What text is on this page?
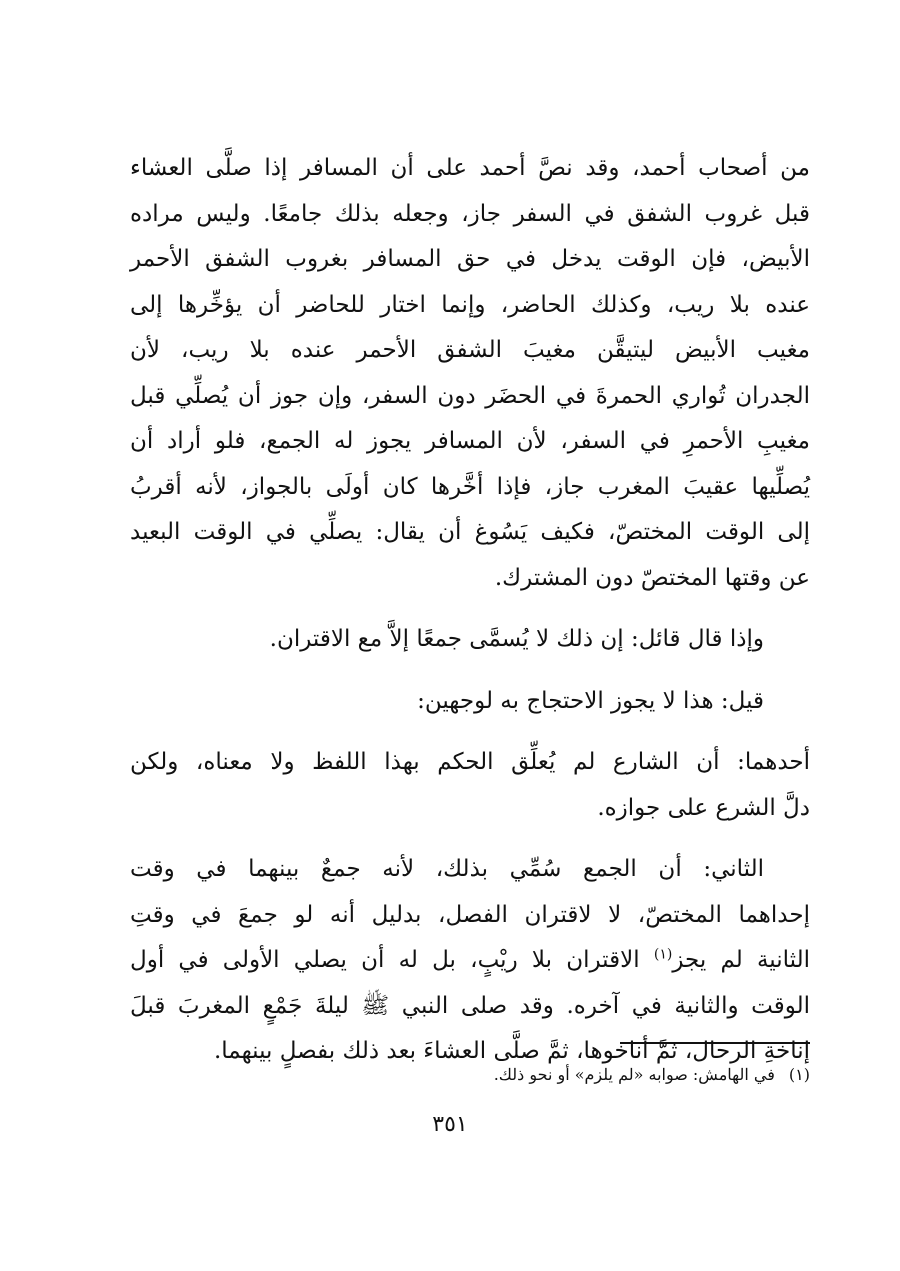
من أصحاب أحمد، وقد نصَّ أحمد على أن المسافر إذا صلَّى العشاء
قبل غروب الشفق في السفر جاز، وجعله بذلك جامعًا. وليس مراده
الأبيض، فإن الوقت يدخل في حق المسافر بغروب الشفق الأحمر
عنده بلا ريب، وكذلك الحاضر، وإنما اختار للحاضر أن يؤخِّرها إلى
مغيب الأبيض ليتيقَّن مغيبَ الشفق الأحمر عنده بلا ريب، لأن
الجدران تُواري الحمرةَ في الحضَر دون السفر، وإن جوز أن يُصلِّي قبل
مغيبِ الأحمرِ في السفر، لأن المسافر يجوز له الجمع، فلو أراد أن
يُصلِّيها عقيبَ المغرب جاز، فإذا أخَّرها كان أولَى بالجواز، لأنه أقربُ
إلى الوقت المختصّ، فكيف يَسُوغ أن يقال: يصلِّي في الوقت البعيد
عن وقتها المختصّ دون المشترك.

وإذا قال قائل: إن ذلك لا يُسمَّى جمعًا إلاَّ مع الاقتران.

قيل: هذا لا يجوز الاحتجاج به لوجهين:

أحدهما: أن الشارع لم يُعلِّق الحكم بهذا اللفظ ولا معناه، ولكن
دلَّ الشرع على جوازه.

الثاني: أن الجمع سُمِّي بذلك، لأنه جمعٌ بينهما في وقت
إحداهما المختصّ، لا لاقتران الفصل، بدليل أنه لو جمعَ في وقتِ
الثانية لم يجز$^{(١)}$ الاقتران بلا ريْبٍ، بل له أن يصلي الأولى في أول
الوقت والثانية في آخره. وقد صلى النبي ﷺ ليلةَ جَمْعٍ المغربَ قبلَ
إناخةِ الرحال، ثمَّ أناخوها، ثمَّ صلَّى العشاءَ بعد ذلك بفصلٍ بينهما.

(١)في الهامش: صوابه «لم يلزم» أو نحو ذلك.
٣٥١
